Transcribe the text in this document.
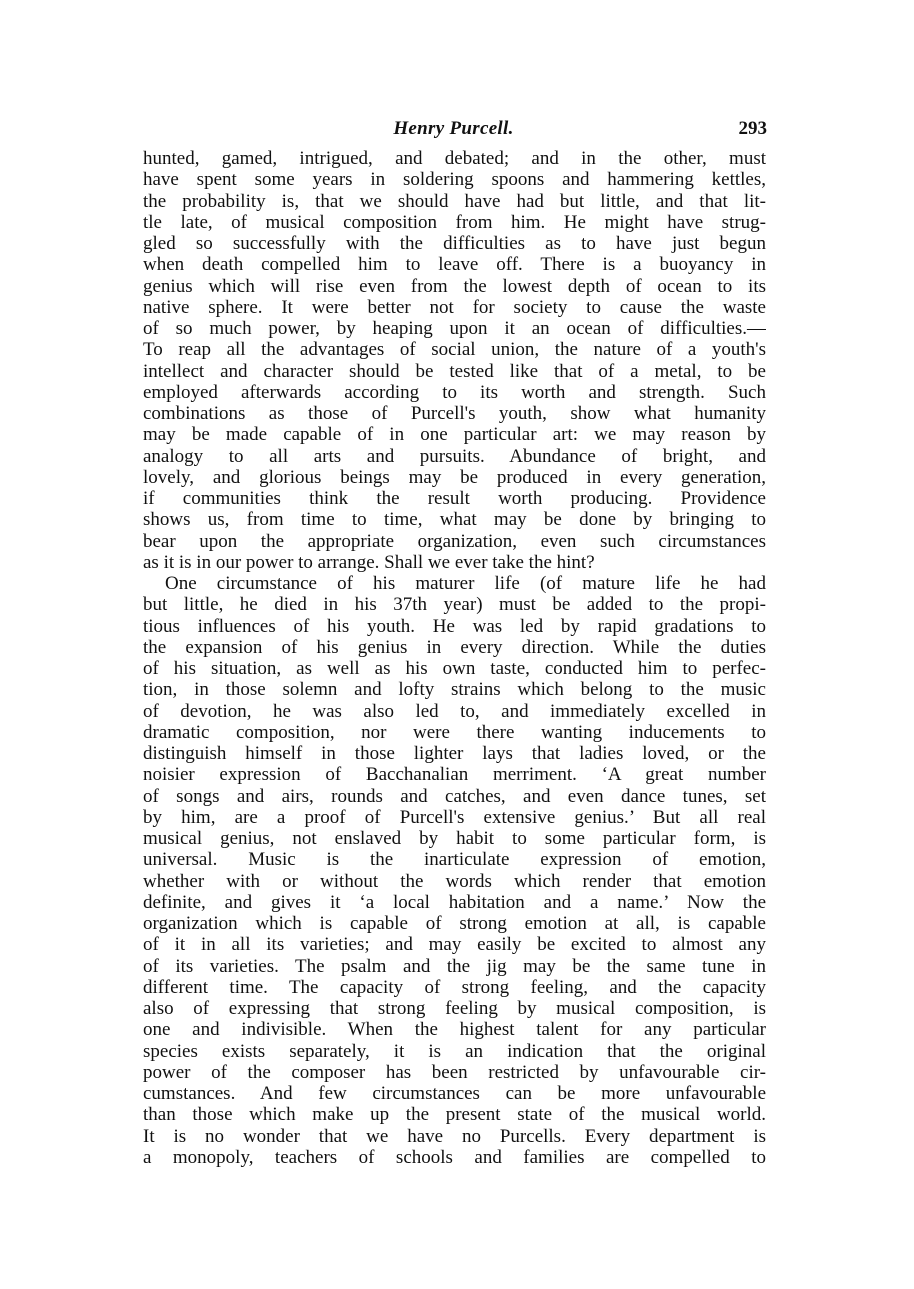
Henry Purcell.	293
hunted, gamed, intrigued, and debated; and in the other, must
have spent some years in soldering spoons and hammering kettles,
the probability is, that we should have had but little, and that lit-
tle late, of musical composition from him. He might have strug-
gled so successfully with the difficulties as to have just begun
when death compelled him to leave off. There is a buoyancy in
genius which will rise even from the lowest depth of ocean to its
native sphere. It were better not for society to cause the waste
of so much power, by heaping upon it an ocean of difficulties.—
To reap all the advantages of social union, the nature of a youth's
intellect and character should be tested like that of a metal, to be
employed afterwards according to its worth and strength. Such
combinations as those of Purcell's youth, show what humanity
may be made capable of in one particular art: we may reason by
analogy to all arts and pursuits. Abundance of bright, and
lovely, and glorious beings may be produced in every generation,
if communities think the result worth producing. Providence
shows us, from time to time, what may be done by bringing to
bear upon the appropriate organization, even such circumstances
as it is in our power to arrange. Shall we ever take the hint?
One circumstance of his maturer life (of mature life he had
but little, he died in his 37th year) must be added to the propi-
tious influences of his youth. He was led by rapid gradations to
the expansion of his genius in every direction. While the duties
of his situation, as well as his own taste, conducted him to perfec-
tion, in those solemn and lofty strains which belong to the music
of devotion, he was also led to, and immediately excelled in
dramatic composition, nor were there wanting inducements to
distinguish himself in those lighter lays that ladies loved, or the
noisier expression of Bacchanalian merriment. ‘A great number
of songs and airs, rounds and catches, and even dance tunes, set
by him, are a proof of Purcell's extensive genius.’ But all real
musical genius, not enslaved by habit to some particular form, is
universal. Music is the inarticulate expression of emotion,
whether with or without the words which render that emotion
definite, and gives it ‘a local habitation and a name.’ Now the
organization which is capable of strong emotion at all, is capable
of it in all its varieties; and may easily be excited to almost any
of its varieties. The psalm and the jig may be the same tune in
different time. The capacity of strong feeling, and the capacity
also of expressing that strong feeling by musical composition, is
one and indivisible. When the highest talent for any particular
species exists separately, it is an indication that the original
power of the composer has been restricted by unfavourable cir-
cumstances. And few circumstances can be more unfavourable
than those which make up the present state of the musical world.
It is no wonder that we have no Purcells. Every department is
a monopoly, teachers of schools and families are compelled to
